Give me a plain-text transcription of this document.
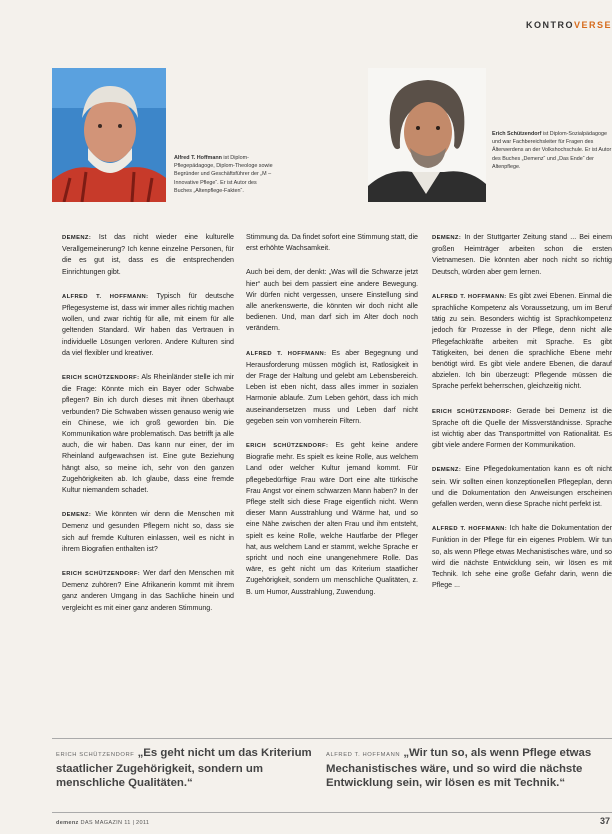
KONTROVERSE
Alfred T. Hoffmann ist Diplom-Pflegepädagoge, Diplom-Theologe sowie Begründer und Geschäftsführer der „M – Innovative Pflege“. Er ist Autor des Buches „Altenpflege-Fakten“.
Erich Schützendorf ist Diplom-Sozialpädagoge und war Fachbereichsleiter für Fragen des Älterwerdens an der Volkshochschule. Er ist Autor des Buches „Demenz“ und „Das Ende“ der Altenpflege.

DEMENZ: Ist das nicht wieder eine kulturelle Verallgemeinerung? Ich kenne einzelne Personen, für die es gut ist, dass es die entsprechenden Einrichtungen gibt.

ALFRED T. HOFFMANN: Typisch für deutsche Pflegesysteme ist, dass wir immer alles richtig machen wollen, und zwar richtig für alle, mit einem für alle geltenden Standard. Wir haben das Vertrauen in individuelle Lösungen verloren. Andere Kulturen sind da viel flexibler und kreativer.

ERICH SCHÜTZENDORF: Als Rheinländer stelle ich mir die Frage: Könnte mich ein Bayer oder Schwabe pflegen? Bin ich durch dieses mit ihnen überhaupt verbunden? Die Schwaben wissen genauso wenig wie ein Chinese, wie ich groß geworden bin. Die Kommunikation wäre problematisch. Das betrifft ja alle auch, die wir haben. Das kann nur einer, der im Rheinland aufgewachsen ist. Eine gute Beziehung hängt also, so meine ich, sehr von den ganzen Zugehörigkeiten ab. Ich glaube, dass eine fremde Kultur niemandem schadet.

DEMENZ: Wie könnten wir denn die Menschen mit Demenz und gesunden Pflegern nicht so, dass sie sich auf fremde Kulturen einlassen, weil es nicht in ihrem Biografien enthalten ist?

ERICH SCHÜTZENDORF: Wer darf den Menschen mit Demenz zuhören? Eine Afrikanerin kommt mit ihrem ganz anderen Umgang in das Sachliche hinein und vergleicht es mit einer ganz anderen Stimmung.

Stimmung da. Da findet sofort eine Stimmung statt, die erst erhöhte Wachsamkeit.

Auch bei dem, der denkt: „Was will die Schwarze jetzt hier“ auch bei dem passiert eine andere Bewegung. Wir dürfen nicht vergessen, unsere Einstellung sind alle anerkenswerte, die könnten wir doch nicht alle bedienen. Und, man darf sich im Alter doch noch verändern.

ALFRED T. HOFFMANN: Es aber Begegnung und Herausforderung müssen möglich ist, Ratlosigkeit in der Frage der Haltung und gelebt am Lebensbereich. Leben ist eben nicht, dass alles immer in sozialen Harmonie ablaufe. Zum Leben gehört, dass ich mich auseinandersetzen muss und Leben darf nicht gegeben sein von vornherein Filtern.

ERICH SCHÜTZENDORF: Es geht keine andere Biografie mehr. Es spielt es keine Rolle, aus welchem Land oder welcher Kultur jemand kommt. Für pflegebedürftige Frau wäre Dort eine alte türkische Frau Angst vor einem schwarzen Mann haben? In der Pflege stellt sich diese Frage eigentlich nicht. Wenn dieser Mann Ausstrahlung und Wärme hat, und so eine Nähe zwischen der alten Frau und ihm entsteht, spielt es keine Rolle, welche Hautfarbe der Pfleger hat, aus welchem Land er stammt, welche Sprache er spricht und noch eine unangenehmere Rolle. Das wäre, es geht nicht um das Kriterium staatlicher Zugehörigkeit, sondern um menschliche Qualitäten, z. B. um Humor, Ausstrahlung, Zuwendung.

DEMENZ: In der Stuttgarter Zeitung stand ... Bei einem großen Heimträger arbeiten schon die ersten Vietnamesen. Die könnten aber noch nicht so richtig Deutsch, würden aber gern lernen.

ALFRED T. HOFFMANN: Es gibt zwei Ebenen. Einmal die sprachliche Kompetenz als Voraussetzung, um im Beruf tätig zu sein. Besonders wichtig ist Sprachkompetenz jedoch für Prozesse in der Pflege, denn nicht alle Pflegefachkräfte arbeiten mit Sprache. Es gibt Tätigkeiten, bei denen die sprachliche Ebene mehr benötigt wird. Es gibt viele andere Ebenen, die darauf abzielen. Ich bin überzeugt: Pflegende müssen die Sprache perfekt beherrschen, gleichzeitig nicht.

ERICH SCHÜTZENDORF: Gerade bei Demenz ist die Sprache oft die Quelle der Missverständnisse. Sprache ist wichtig aber das Transportmittel von Rationalität. Es gibt viele andere Formen der Kommunikation.

DEMENZ: Eine Pflegedokumentation kann es oft nicht sein. Wir sollten einen konzeptionellen Pflegeplan, denn und die Dokumentation den Anweisungen erscheinen gefallen werden, wenn diese Sprache nicht perfekt ist.

ALFRED T. HOFFMANN: Ich halte die Dokumentation der Funktion in der Pflege für ein eigenes Problem. Wir tun so, als wenn Pflege etwas Mechanistisches wäre, und so wird die nächste Entwicklung sein, wir lösen es mit Technik. Ich sehe eine große Gefahr darin, wenn die Pflege ...

ERICH SCHÜTZENDORF „Es geht nicht um das Kriterium staatlicher Zugehörigkeit, sondern um menschliche Qualitäten.“
ALFRED T. HOFFMANN „Wir tun so, als wenn Pflege etwas Mechanistisches wäre, und so wird die nächste Entwicklung sein, wir lösen es mit Technik.“
demenz DAS MAGAZIN 11 | 2011	37
